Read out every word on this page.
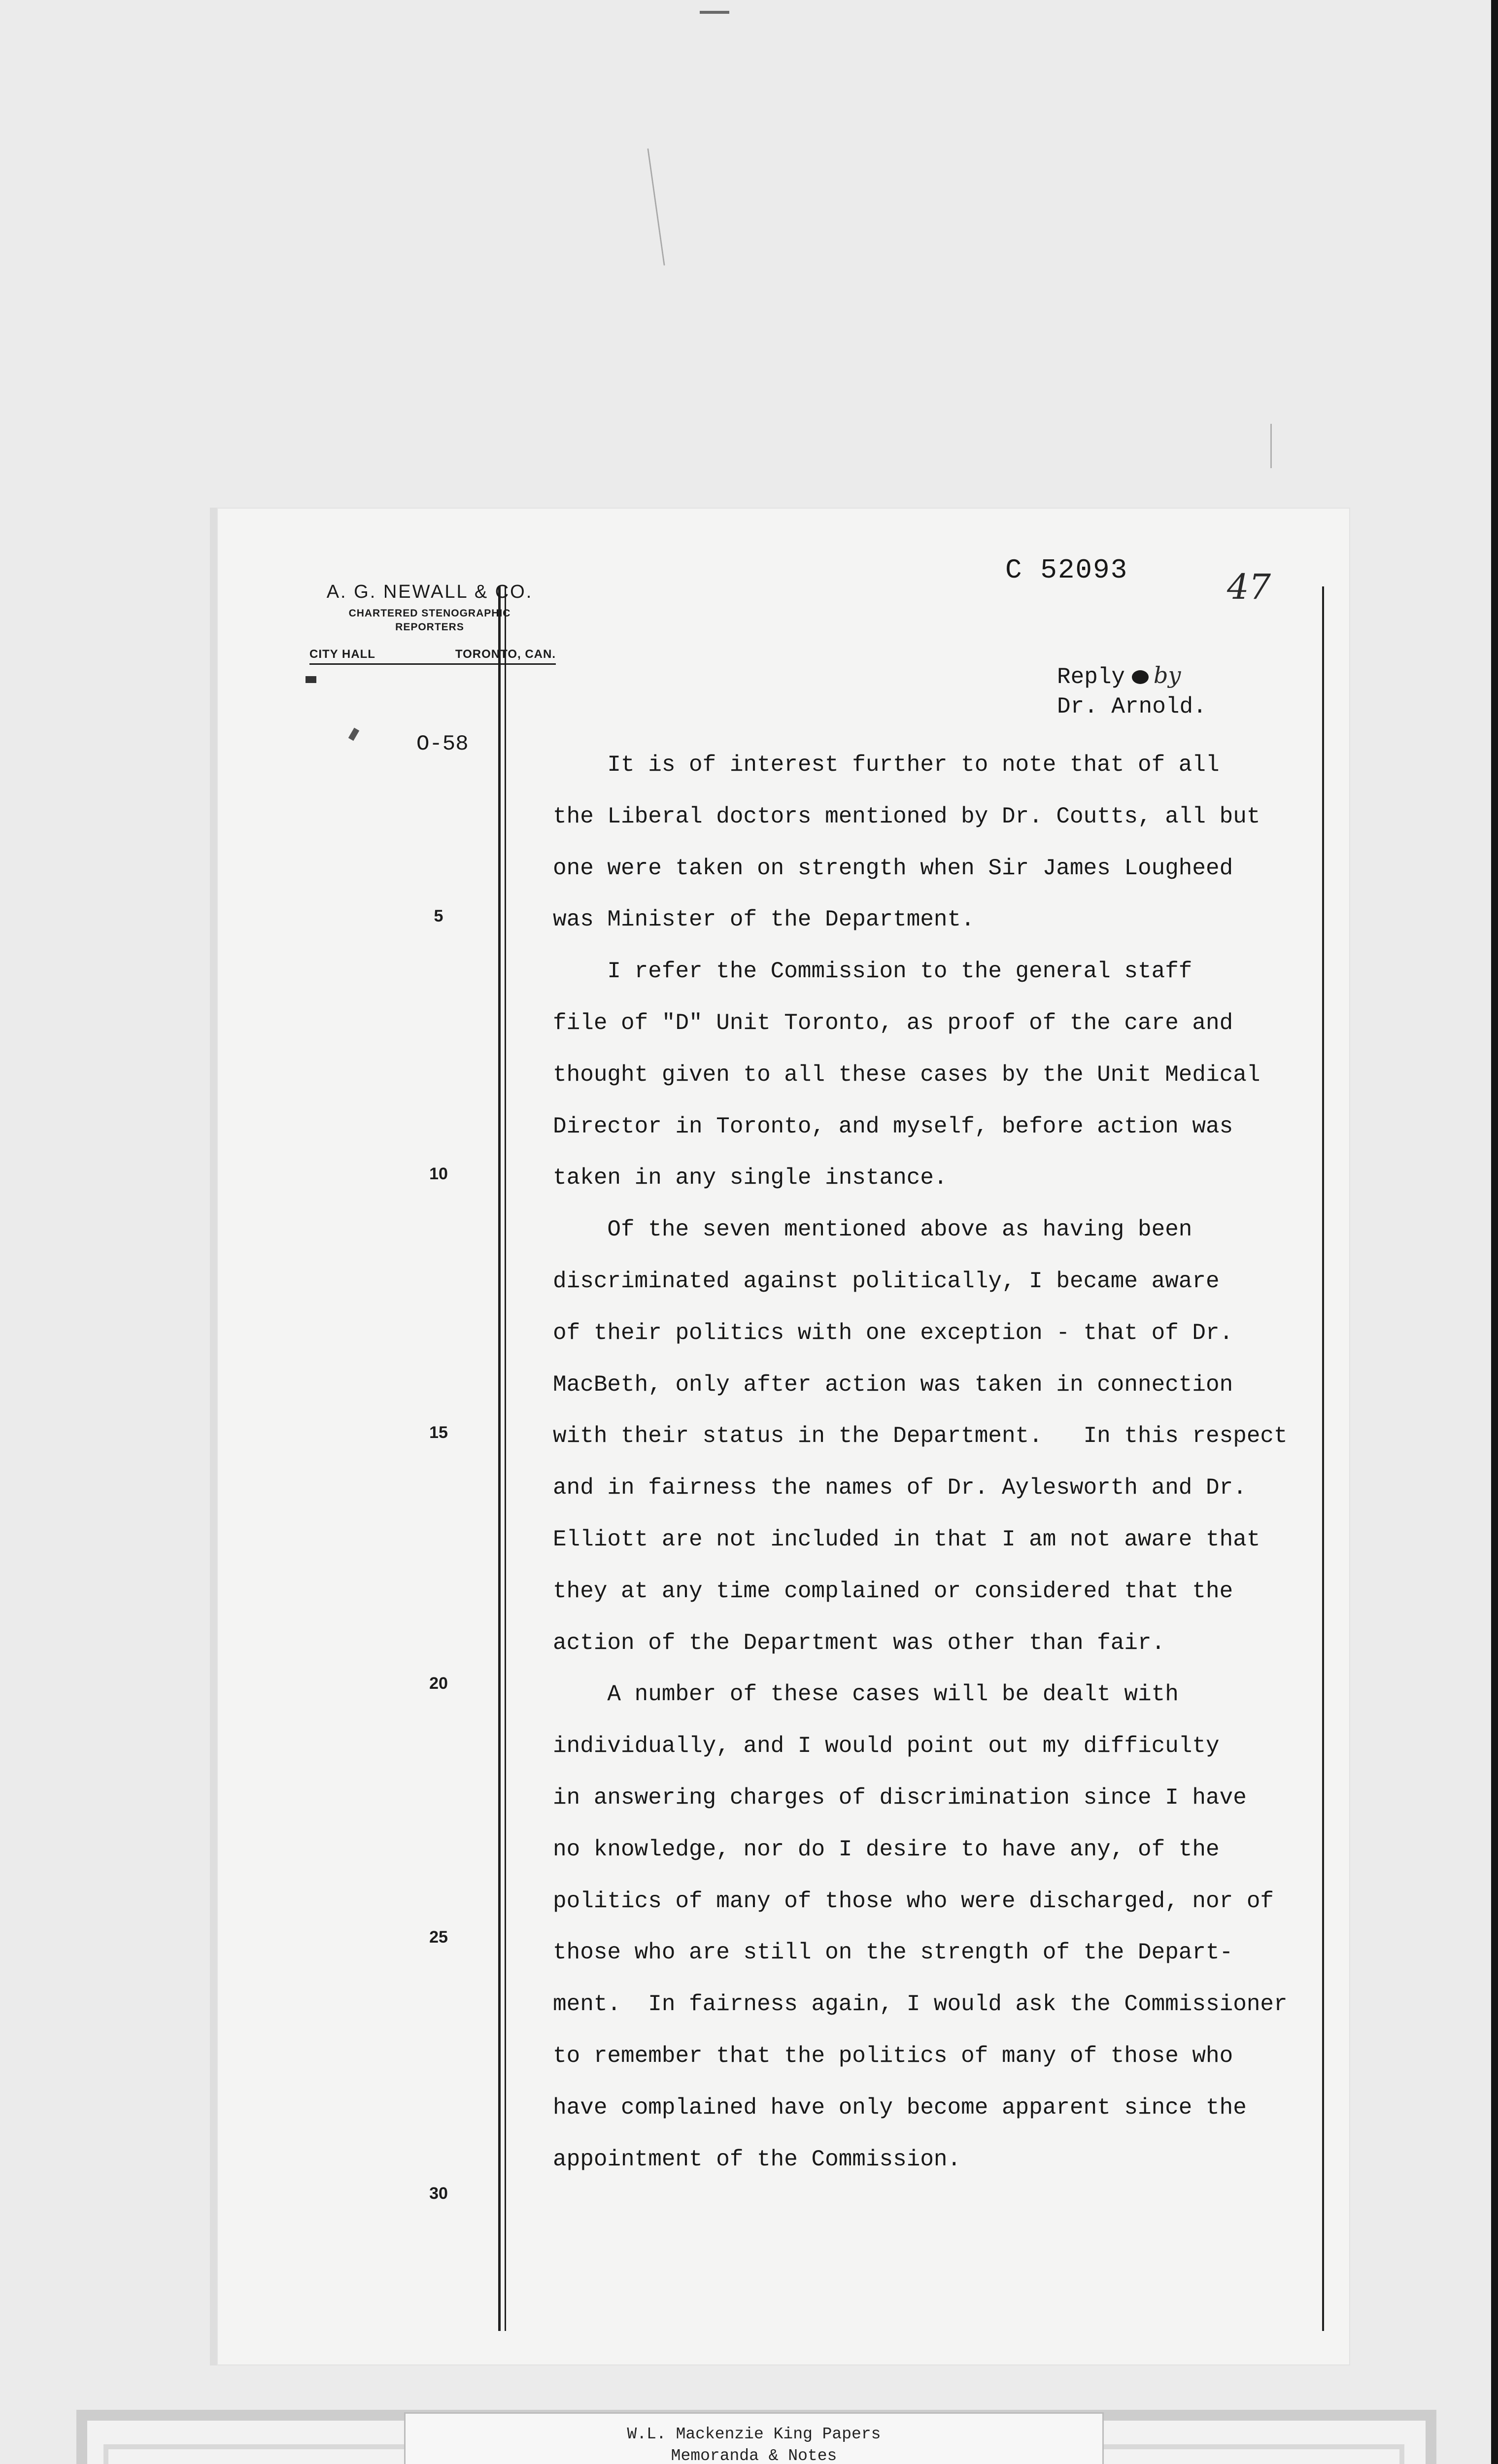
A. G. NEWALL & CO.
CHARTERED STENOGRAPHIC
REPORTERS
CITY HALL	TORONTO, CAN.
C 52093	47
Reply by
Dr. Arnold.
O-58
5
10
15
20
25
30
It is of interest further to note that of all
the Liberal doctors mentioned by Dr. Coutts, all but
one were taken on strength when Sir James Lougheed
was Minister of the Department.
I refer the Commission to the general staff
file of "D" Unit Toronto, as proof of the care and
thought given to all these cases by the Unit Medical
Director in Toronto, and myself, before action was
taken in any single instance.
Of the seven mentioned above as having been
discriminated against politically, I became aware
of their politics with one exception - that of Dr.
MacBeth, only after action was taken in connection
with their status in the Department.   In this respect
and in fairness the names of Dr. Aylesworth and Dr.
Elliott are not included in that I am not aware that
they at any time complained or considered that the
action of the Department was other than fair.
A number of these cases will be dealt with
individually, and I would point out my difficulty
in answering charges of discrimination since I have
no knowledge, nor do I desire to have any, of the
politics of many of those who were discharged, nor of
those who are still on the strength of the Depart-
ment.  In fairness again, I would ask the Commissioner
to remember that the politics of many of those who
have complained have only become apparent since the
appointment of the Commission.
W.L. Mackenzie King Papers
Memoranda & Notes
